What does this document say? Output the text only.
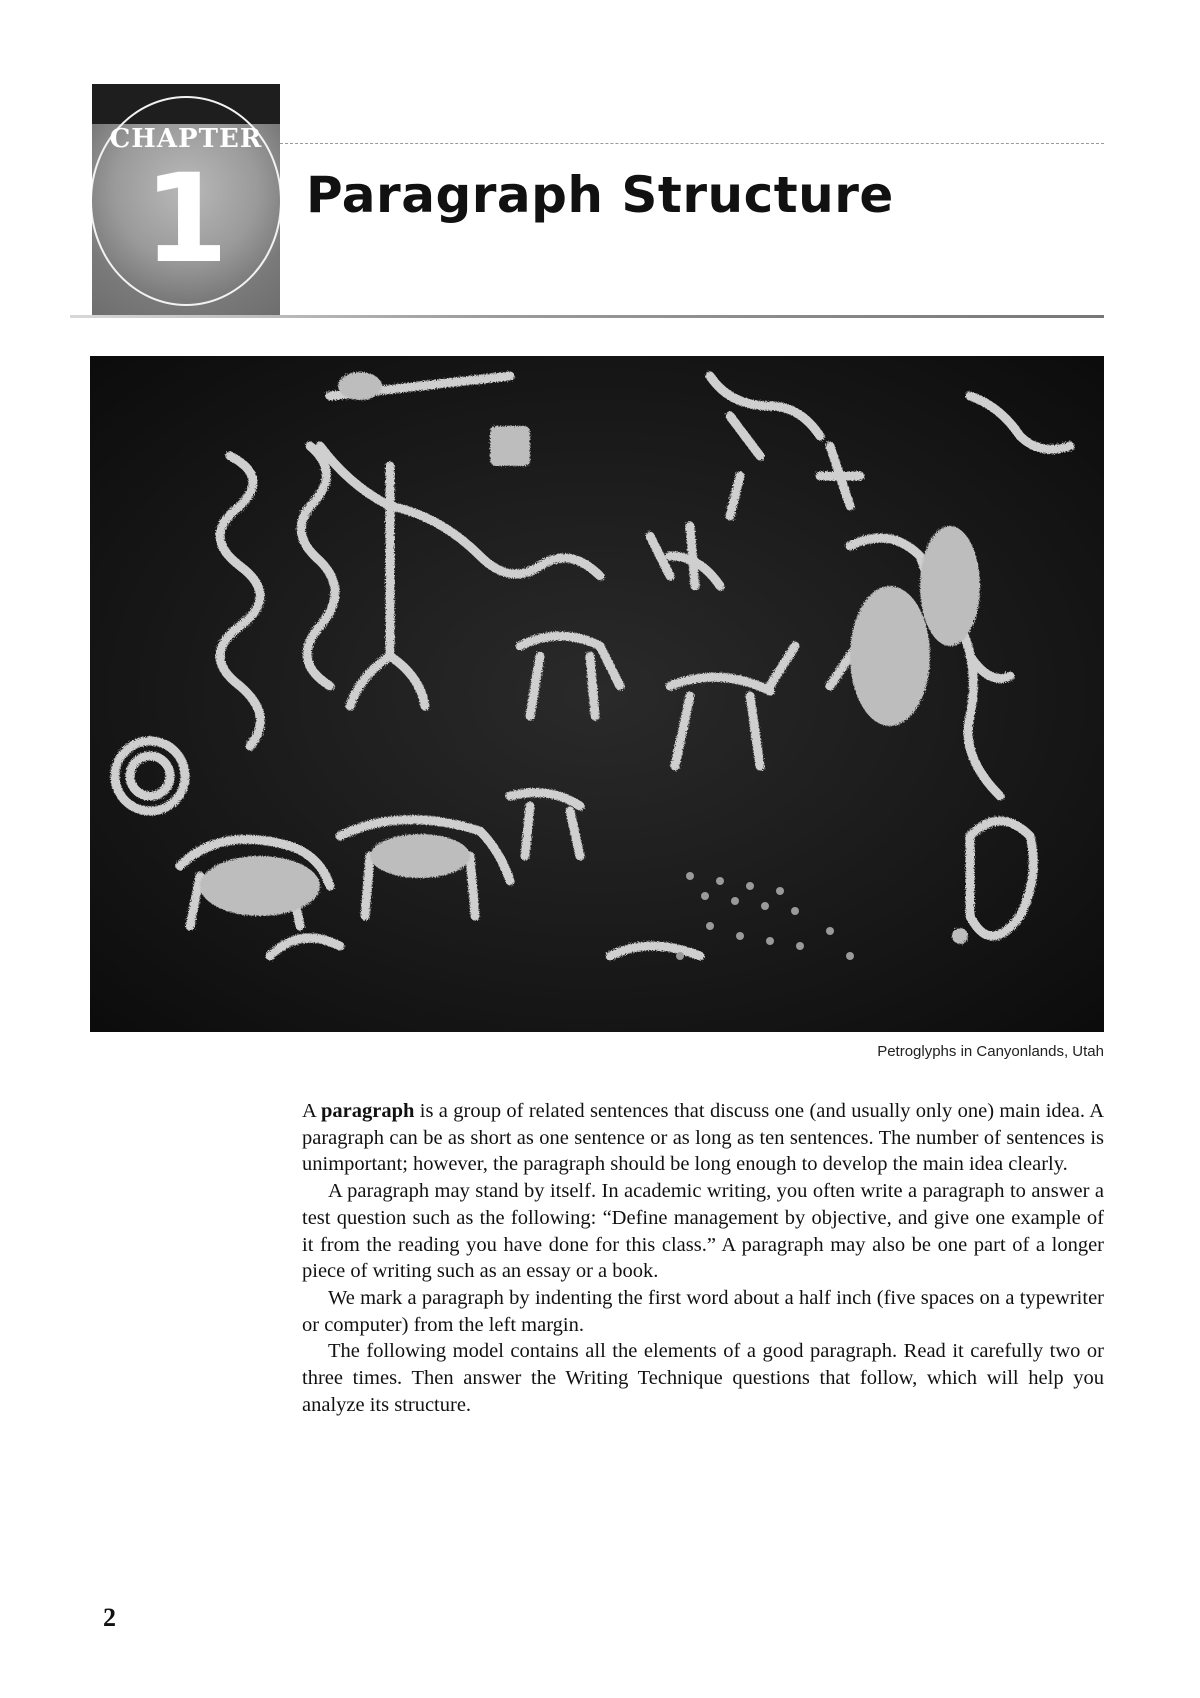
CHAPTER
1	Paragraph Structure
Petroglyphs in Canyonlands, Utah

A paragraph is a group of related sentences that discuss one (and usually only one) main idea. A paragraph can be as short as one sentence or as long as ten sentences. The number of sentences is unimportant; however, the paragraph should be long enough to develop the main idea clearly.

A paragraph may stand by itself. In academic writing, you often write a paragraph to answer a test question such as the following: “Define management by objective, and give one example of it from the reading you have done for this class.” A paragraph may also be one part of a longer piece of writing such as an essay or a book.

We mark a paragraph by indenting the first word about a half inch (five spaces on a typewriter or computer) from the left margin.

The following model contains all the elements of a good paragraph. Read it carefully two or three times. Then answer the Writing Technique questions that follow, which will help you analyze its structure.

2
